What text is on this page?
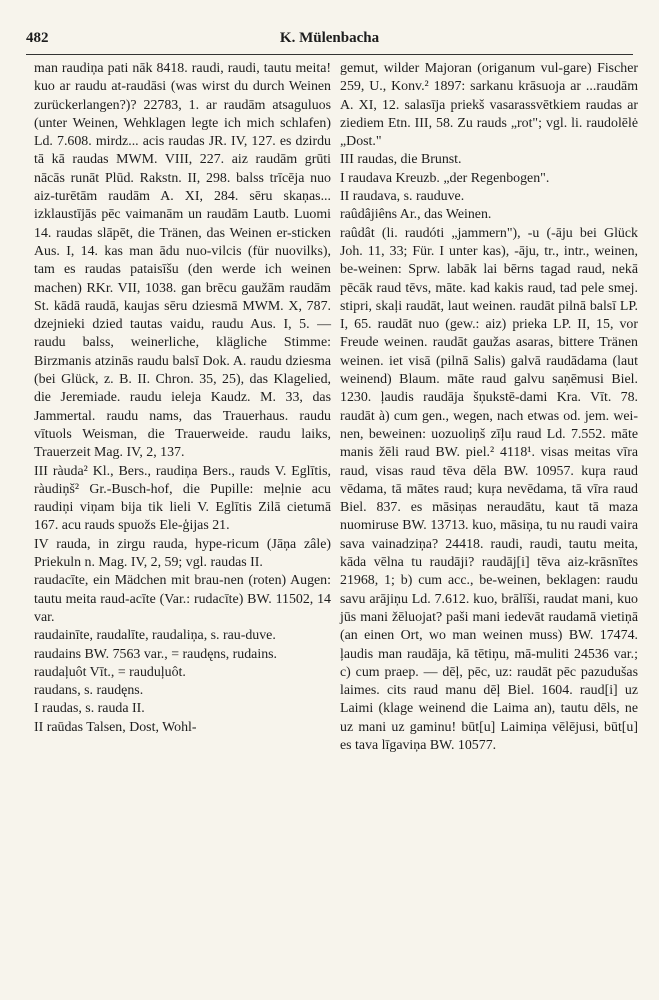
482	K. Mülenbacha

man raudiņa pati nāk 8418. raudi, raudi, tautu meita! kuo ar raudu at-raudāsi (was wirst du durch Weinen zurückerlangen?)? 22783, 1. ar raudām atsaguluos (unter Weinen, Wehklagen legte ich mich schlafen) Ld. 7.608. mirdz... acis raudas JR. IV, 127. es dzirdu tā kā raudas MWM. VIII, 227. aiz raudām grūti nācās runāt Plūd. Rakstn. II, 298. balss trīcēja nuo aiz-turētām raudām A. XI, 284. sēru skaņas... izklaustījās pēc vaimanām un raudām Lautb. Luomi 14. raudas slāpēt, die Tränen, das Weinen er-sticken Aus. I, 14. kas man ādu nuo-vilcis (für nuovilks), tam es raudas pataisīšu (den werde ich weinen machen) RKr. VII, 1038. gan brēcu gaužām raudām St. kādā raudā, kaujas sēru dziesmā MWM. X, 787. dzejnieki dzied tautas vaidu, raudu Aus. I, 5. — raudu balss, weinerliche, klägliche Stimme: Birzmanis atzinās raudu balsī Dok. A. raudu dziesma (bei Glück, z. B. II. Chron. 35, 25), das Klagelied, die Jeremiade. raudu ieleja Kaudz. M. 33, das Jammertal. raudu nams, das Trauerhaus. raudu vītuols Weisman, die Trauerweide. raudu laiks, Trauerzeit Mag. IV, 2, 137.

III ràuda² Kl., Bers., raudiņa Bers., rauds V. Eglītis, ràudiņš² Gr.-Busch-hof, die Pupille: meļnie acu raudiņi viņam bija tik lieli V. Eglītis Zilā cietumā 167. acu rauds spuožs Ele-ģijas 21.

IV rauda, in zirgu rauda, hype-ricum (Jāņa zâle) Priekuln n. Mag. IV, 2, 59; vgl. raudas II.

raudacīte, ein Mädchen mit brau-nen (roten) Augen: tautu meita raud-acīte (Var.: rudacīte) BW. 11502, 14 var.

raudainīte, raudalīte, raudaliņa, s. rau-duve.

raudains BW. 7563 var., = raudęns, rudains.

raudaļuôt Vīt., = rauduļuôt.

raudans, s. raudęns.

I raudas, s. rauda II.

II raūdas Talsen, Dost, Wohl-

gemut, wilder Majoran (origanum vul-gare) Fischer 259, U., Konv.² 1897: sarkanu krāsuoja ar ...raudām A. XI, 12. salasīja priekš vasarassvētkiem raudas ar ziediem Etn. III, 58. Zu rauds „rot"; vgl. li. raudolēlė „Dost."

III raudas, die Brunst.

I raudava Kreuzb. „der Regenbogen".

II raudava, s. rauduve.

raûdâjiêns Ar., das Weinen.

raûdât (li. raudóti „jammern"), -u (-āju bei Glück Joh. 11, 33; Für. I unter kas), -āju, tr., intr., weinen, be-weinen: Sprw. labāk lai bērns tagad raud, nekā pēcāk raud tēvs, māte. kad kakis raud, tad pele smej. stipri, skaļi raudāt, laut weinen. raudāt pilnā balsī LP. I, 65. raudāt nuo (gew.: aiz) prieka LP. II, 15, vor Freude weinen. raudāt gaužas asaras, bittere Tränen weinen. iet visā (pilnā Salis) galvā raudādama (laut weinend) Blaum. māte raud galvu saņēmusi Biel. 1230. ļaudis raudāja šņukstē-dami Kra. Vīt. 78. raudāt à) cum gen., wegen, nach etwas od. jem. wei-nen, beweinen: uozuoliņš zīļu raud Ld. 7.552. māte manis žēli raud BW. piel.² 4118¹. visas meitas vīra raud, visas raud tēva dēla BW. 10957. kuŗa raud vēdama, tā mātes raud; kuŗa nevēdama, tā vīra raud Biel. 837. es māsiņas neraudātu, kaut tā maza nuomiruse BW. 13713. kuo, māsiņa, tu nu raudi vaira sava vainadziņa? 24418. raudi, raudi, tautu meita, kāda vēlna tu raudāji? raudāj[i] tēva aiz-krāsnītes 21968, 1; b) cum acc., be-weinen, beklagen: raudu savu arājiņu Ld. 7.612. kuo, brālīši, raudat mani, kuo jūs mani žēluojat? paši mani iedevāt raudamā vietiņā (an einen Ort, wo man weinen muss) BW. 17474. ļaudis man raudāja, kā tētiņu, mā-muliti 24536 var.; c) cum praep. — dēļ, pēc, uz: raudāt pēc pazudušas laimes. cits raud manu dēļ Biel. 1604. raud[i] uz Laimi (klage weinend die Laima an), tautu dēls, ne uz mani uz gaminu! būt[u] Laimiņa vēlējusi, būt[u] es tava līgaviņa BW. 10577.
